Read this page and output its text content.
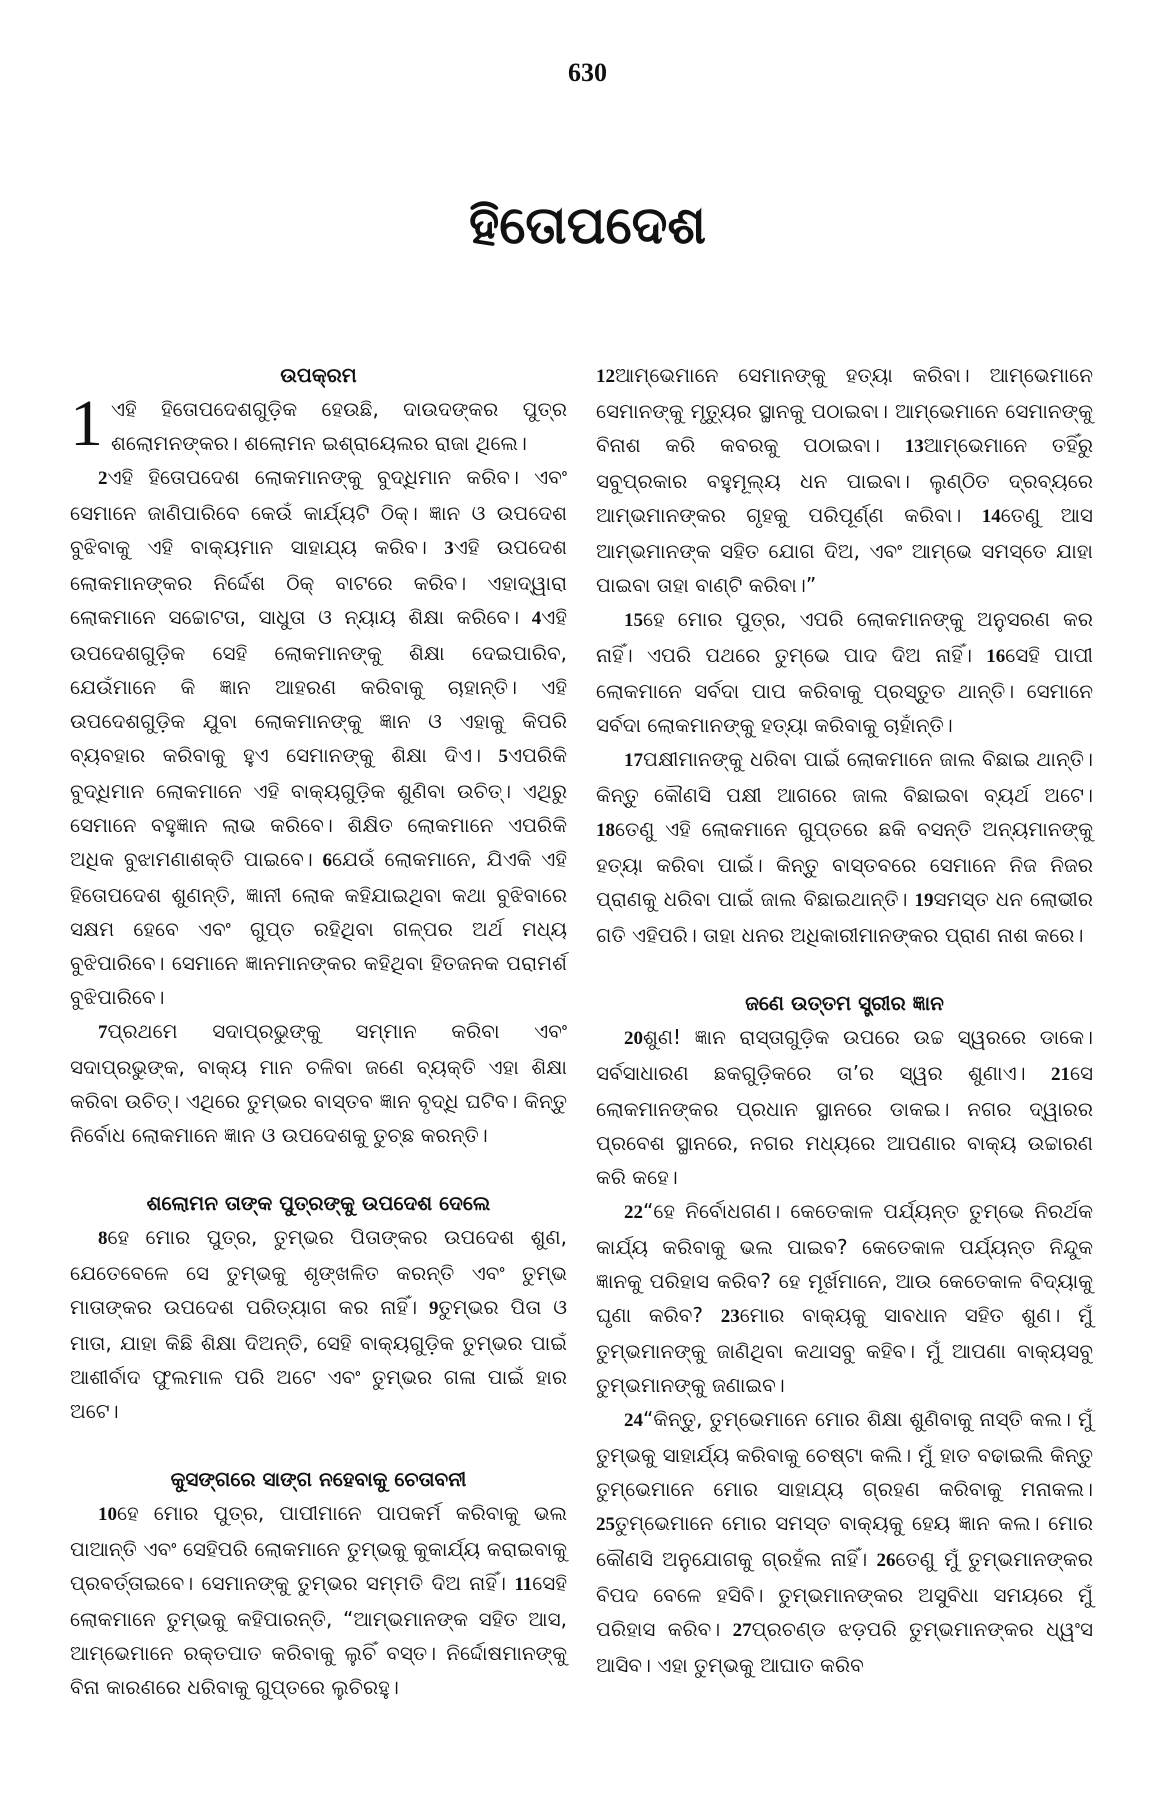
630
ହିତୋପଦେଶ
ଉପକ୍ରମ

1 ଏହି ହିତୋପଦେଶଗୁଡ଼ିକ ହେଉଛି, ଦାଉଦଙ୍କର ପୁତ୍ର ଶଲୋମନଙ୍କର। ଶଲୋମନ ଇଶ୍ରାୟେଲର ରାଜା ଥିଲେ।

2ଏହି ହିତୋପଦେଶ ଲୋକମାନଙ୍କୁ ବୁଦ୍ଧିମାନ କରିବ। ଏବଂ ସେମାନେ ଜାଣିପାରିବେ କେଉଁ କାର୍ଯ୍ୟଟି ଠିକ୍। ଜ୍ଞାନ ଓ ଉପଦେଶ ବୁଝିବାକୁ ଏହି ବାକ୍ୟମାନ ସାହାଯ୍ୟ କରିବ। 3ଏହି ଉପଦେଶ ଲୋକମାନଙ୍କର ନିର୍ଦ୍ଦେଶ ଠିକ୍ ବାଟରେ କରିବ। ଏହାଦ୍ୱାରା ଲୋକମାନେ ସଚ୍ଚୋଟତା, ସାଧୁତା ଓ ନ୍ୟାୟ ଶିକ୍ଷା କରିବେ। 4ଏହି ଉପଦେଶଗୁଡ଼ିକ ସେହି ଲୋକମାନଙ୍କୁ ଶିକ୍ଷା ଦେଇପାରିବ, ଯେଉଁମାନେ କି ଜ୍ଞାନ ଆହରଣ କରିବାକୁ ଚାହାନ୍ତି। ଏହି ଉପଦେଶଗୁଡ଼ିକ ଯୁବା ଲୋକମାନଙ୍କୁ ଜ୍ଞାନ ଓ ଏହାକୁ କିପରି ବ୍ୟବହାର କରିବାକୁ ହୁଏ ସେମାନଙ୍କୁ ଶିକ୍ଷା ଦିଏ। 5ଏପରିକି ବୁଦ୍ଧିମାନ ଲୋକମାନେ ଏହି ବାକ୍ୟଗୁଡ଼ିକ ଶୁଣିବା ଉଚିତ୍। ଏଥିରୁ ସେମାନେ ବହୁଜ୍ଞାନ ଲାଭ କରିବେ। ଶିକ୍ଷିତ ଲୋକମାନେ ଏପରିକି ଅଧିକ ବୁଝାମଣାଶକ୍ତି ପାଇବେ। 6ଯେଉଁ ଲୋକମାନେ, ଯିଏକି ଏହି ହିତୋପଦେଶ ଶୁଣନ୍ତି, ଜ୍ଞାନୀ ଲୋକ କହିଯାଇଥିବା କଥା ବୁଝିବାରେ ସକ୍ଷମ ହେବେ ଏବଂ ଗୁପ୍ତ ରହିଥିବା ଗଳ୍ପର ଅର୍ଥ ମଧ୍ୟ ବୁଝିପାରିବେ। ସେମାନେ ଜ୍ଞାନମାନଙ୍କର କହିଥିବା ହିତଜନକ ପରାମର୍ଶ ବୁଝିପାରିବେ।

7ପ୍ରଥମେ ସଦାପ୍ରଭୁଙ୍କୁ ସମ୍ମାନ କରିବା ଏବଂ ସଦାପ୍ରଭୁଙ୍କ, ବାକ୍ୟ ମାନ ଚଳିବା ଜଣେ ବ୍ୟକ୍ତି ଏହା ଶିକ୍ଷା କରିବା ଉଚିତ୍। ଏଥିରେ ତୁମ୍ଭର ବାସ୍ତବ ଜ୍ଞାନ ବୃଦ୍ଧି ଘଟିବ। କିନ୍ତୁ ନିର୍ବୋଧ ଲୋକମାନେ ଜ୍ଞାନ ଓ ଉପଦେଶକୁ ତୁଚ୍ଛ କରନ୍ତି।

ଶଲୋମନ ତାଙ୍କ ପୁତ୍ରଙ୍କୁ ଉପଦେଶ ଦେଲେ

8ହେ ମୋର ପୁତ୍ର, ତୁମ୍ଭର ପିତାଙ୍କର ଉପଦେଶ ଶୁଣ, ଯେତେବେଳେ ସେ ତୁମ୍ଭକୁ ଶୃଙ୍ଖଳିତ କରନ୍ତି ଏବଂ ତୁମ୍ଭ ମାତାଙ୍କର ଉପଦେଶ ପରିତ୍ୟାଗ କର ନାହିଁ। 9ତୁମ୍ଭର ପିତା ଓ ମାତା, ଯାହା କିଛି ଶିକ୍ଷା ଦିଅନ୍ତି, ସେହି ବାକ୍ୟଗୁଡ଼ିକ ତୁମ୍ଭର ପାଇଁ ଆଶୀର୍ବାଦ ଫୁଲମାଳ ପରି ଅଟେ ଏବଂ ତୁମ୍ଭର ଗଳା ପାଇଁ ହାର ଅଟେ।

କୁସଙ୍ଗରେ ସାଙ୍ଗ ନହେବାକୁ ଚେତାବନୀ

10ହେ ମୋର ପୁତ୍ର, ପାପୀମାନେ ପାପକର୍ମ କରିବାକୁ ଭଲ ପାଆନ୍ତି ଏବଂ ସେହିପରି ଲୋକମାନେ ତୁମ୍ଭକୁ କୁକାର୍ଯ୍ୟ କରାଇବାକୁ ପ୍ରବର୍ତ୍ତାଇବେ। ସେମାନଙ୍କୁ ତୁମ୍ଭର ସମ୍ମତି ଦିଅ ନାହିଁ। 11ସେହି ଲୋକମାନେ ତୁମ୍ଭକୁ କହିପାରନ୍ତି, “ଆମ୍ଭମାନଙ୍କ ସହିତ ଆସ, ଆମ୍ଭେମାନେ ରକ୍ତପାତ କରିବାକୁ ଲୁଚିଁ ବସ୍ତ। ନିର୍ଦ୍ଦୋଷମାନଙ୍କୁ ବିନା କାରଣରେ ଧରିବାକୁ ଗୁପ୍ତରେ ଲୁଚିରହୁ।

12ଆମ୍ଭେମାନେ ସେମାନଙ୍କୁ ହତ୍ୟା କରିବା। ଆମ୍ଭେମାନେ ସେମାନଙ୍କୁ ମୃତ୍ୟୁର ସ୍ଥାନକୁ ପଠାଇବା। ଆମ୍ଭେମାନେ ସେମାନଙ୍କୁ ବିନାଶ କରି କବରକୁ ପଠାଇବା। 13ଆମ୍ଭେମାନେ ତହିଁରୁ ସବୁପ୍ରକାର ବହୁମୂଲ୍ୟ ଧନ ପାଇବା। ଲୁଣ୍ଠିତ ଦ୍ରବ୍ୟରେ ଆମ୍ଭମାନଙ୍କର ଗୃହକୁ ପରିପୂର୍ଣ୍ଣ କରିବା। 14ତେଣୁ ଆସ ଆମ୍ଭମାନଙ୍କ ସହିତ ଯୋଗ ଦିଅ, ଏବଂ ଆମ୍ଭେ ସମସ୍ତେ ଯାହା ପାଇବା ତାହା ବାଣ୍ଟି କରିବା।”

15ହେ ମୋର ପୁତ୍ର, ଏପରି ଲୋକମାନଙ୍କୁ ଅନୁସରଣ କର ନାହିଁ। ଏପରି ପଥରେ ତୁମ୍ଭେ ପାଦ ଦିଅ ନାହିଁ। 16ସେହି ପାପୀ ଲୋକମାନେ ସର୍ବଦା ପାପ କରିବାକୁ ପ୍ରସ୍ତୁତ ଥାନ୍ତି। ସେମାନେ ସର୍ବଦା ଲୋକମାନଙ୍କୁ ହତ୍ୟା କରିବାକୁ ଚାହାଁନ୍ତି।

17ପକ୍ଷୀମାନଙ୍କୁ ଧରିବା ପାଇଁ ଲୋକମାନେ ଜାଲ ବିଛାଇ ଥାନ୍ତି। କିନ୍ତୁ କୌଣସି ପକ୍ଷୀ ଆଗରେ ଜାଲ ବିଛାଇବା ବ୍ୟର୍ଥ ଅଟେ। 18ତେଣୁ ଏହି ଲୋକମାନେ ଗୁପ୍ତରେ ଛକି ବସନ୍ତି ଅନ୍ୟମାନଙ୍କୁ ହତ୍ୟା କରିବା ପାଇଁ। କିନ୍ତୁ ବାସ୍ତବରେ ସେମାନେ ନିଜ ନିଜର ପ୍ରାଣକୁ ଧରିବା ପାଇଁ ଜାଲ ବିଛାଇଥାନ୍ତି। 19ସମସ୍ତ ଧନ ଲୋଭୀର ଗତି ଏହିପରି। ତାହା ଧନର ଅଧିକାରୀମାନଙ୍କର ପ୍ରାଣ ନାଶ କରେ।

ଜଣେ ଉତ୍ତମ ସ୍ତ୍ରୀର ଜ୍ଞାନ

20ଶୁଣ! ଜ୍ଞାନ ରାସ୍ତାଗୁଡ଼ିକ ଉପରେ ଉଚ୍ଚ ସ୍ୱରରେ ଡାକେ। ସର୍ବସାଧାରଣ ଛକଗୁଡ଼ିକରେ ତା’ର ସ୍ୱର ଶୁଣାଏ। 21ସେ ଲୋକମାନଙ୍କର ପ୍ରଧାନ ସ୍ଥାନରେ ଡାକଇ। ନଗର ଦ୍ୱାରର ପ୍ରବେଶ ସ୍ଥାନରେ, ନଗର ମଧ୍ୟରେ ଆପଣାର ବାକ୍ୟ ଉଚ୍ଚାରଣ କରି କହେ।

22“ହେ ନିର୍ବୋଧଗଣ। କେତେକାଳ ପର୍ଯ୍ୟନ୍ତ ତୁମ୍ଭେ ନିରର୍ଥକ କାର୍ଯ୍ୟ କରିବାକୁ ଭଲ ପାଇବ? କେତେକାଳ ପର୍ଯ୍ୟନ୍ତ ନିନ୍ଦୁକ ଜ୍ଞାନକୁ ପରିହାସ କରିବ? ହେ ମୂର୍ଖମାନେ, ଆଉ କେତେକାଳ ବିଦ୍ୟାକୁ ଘୃଣା କରିବ? 23ମୋର ବାକ୍ୟକୁ ସାବଧାନ ସହିତ ଶୁଣ। ମୁଁ ତୁମ୍ଭମାନଙ୍କୁ ଜାଣିଥିବା କଥାସବୁ କହିବ। ମୁଁ ଆପଣା ବାକ୍ୟସବୁ ତୁମ୍ଭମାନଙ୍କୁ ଜଣାଇବ।

24“କିନ୍ତୁ, ତୁମ୍ଭେମାନେ ମୋର ଶିକ୍ଷା ଶୁଣିବାକୁ ନାସ୍ତି କଲ। ମୁଁ ତୁମ୍ଭକୁ ସାହାର୍ଯ୍ୟ କରିବାକୁ ଚେଷ୍ଟା କଲି। ମୁଁ ହାତ ବଢାଇଲି କିନ୍ତୁ ତୁମ୍ଭେମାନେ ମୋର ସାହାଯ୍ୟ ଗ୍ରହଣ କରିବାକୁ ମନାକଲ। 25ତୁମ୍ଭେମାନେ ମୋର ସମସ୍ତ ବାକ୍ୟକୁ ହେୟ ଜ୍ଞାନ କଲ। ମୋର କୌଣସି ଅନୁଯୋଗକୁ ଗ୍ରହଁଲ ନାହିଁ। 26ତେଣୁ ମୁଁ ତୁମ୍ଭମାନଙ୍କର ବିପଦ ବେଳେ ହସିବି। ତୁମ୍ଭମାନଙ୍କର ଅସୁବିଧା ସମୟରେ ମୁଁ ପରିହାସ କରିବ। 27ପ୍ରଚଣ୍ଡ ଝଡ଼ପରି ତୁମ୍ଭମାନଙ୍କର ଧ୍ୱଂସ ଆସିବ। ଏହା ତୁମ୍ଭକୁ ଆଘାତ କରିବ
